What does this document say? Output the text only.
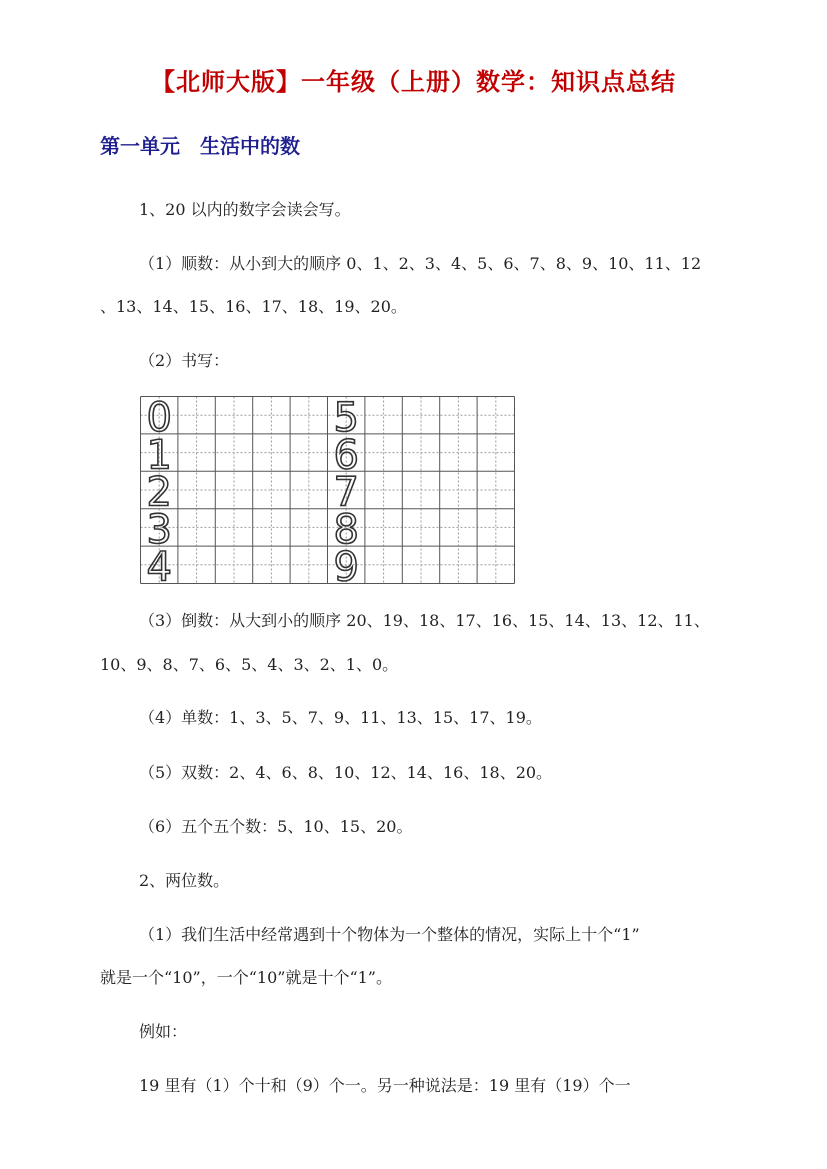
【北师大版】一年级（上册）数学：知识点总结
第一单元　生活中的数
1、20 以内的数字会读会写。
（1）顺数：从小到大的顺序 0、1、2、3、4、5、6、7、8、9、10、11、12
、13、14、15、16、17、18、19、20。
（2）书写：
0
1
2
3
4
5
6
7
8
9
（3）倒数：从大到小的顺序 20、19、18、17、16、15、14、13、12、11、
10、9、8、7、6、5、4、3、2、1、0。
（4）单数：1、3、5、7、9、11、13、15、17、19。
（5）双数：2、4、6、8、10、12、14、16、18、20。
（6）五个五个数：5、10、15、20。
2、两位数。
（1）我们生活中经常遇到十个物体为一个整体的情况，实际上十个“1”
就是一个“10”，一个“10”就是十个“1”。
例如：
19 里有（1）个十和（9）个一。另一种说法是：19 里有（19）个一
